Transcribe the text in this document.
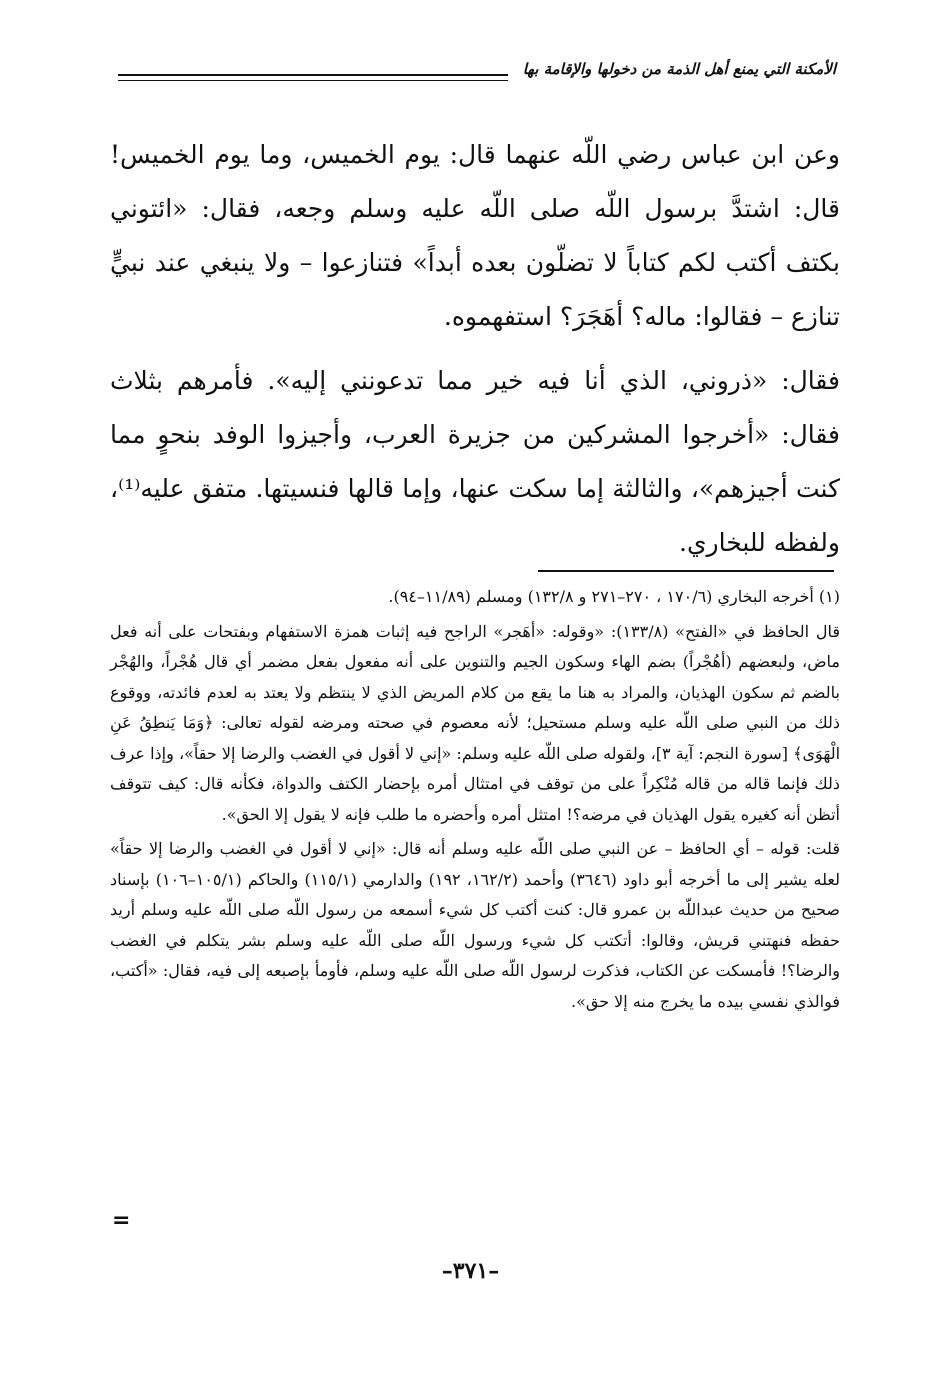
الأمكنة التي يمنع أهل الذمة من دخولها والإقامة بها

وعن ابن عباس رضي اللّه عنهما قال: يوم الخميس، وما يوم الخميس! قال: اشتدَّ برسول اللّه صلى اللّه عليه وسلم وجعه، فقال: «ائتوني بكتف أكتب لكم كتاباً لا تضلّون بعده أبداً» فتنازعوا – ولا ينبغي عند نبيٍّ تنازع – فقالوا: ماله؟ أهَجَرَ؟ استفهموه.

فقال: «ذروني، الذي أنا فيه خير مما تدعونني إليه». فأمرهم بثلاث فقال: «أخرجوا المشركين من جزيرة العرب، وأجيزوا الوفد بنحوٍ مما كنت أجيزهم»، والثالثة إما سكت عنها، وإما قالها فنسيتها. متفق عليه⁽¹⁾، ولفظه للبخاري.

(١) أخرجه البخاري (١٧٠/٦ ، ٢٧٠–٢٧١ و ١٣٢/٨) ومسلم (١١/٨٩–٩٤).

قال الحافظ في «الفتح» (١٣٣/٨): «وقوله: «أهَجر» الراجح فيه إثبات همزة الاستفهام وبفتحات على أنه فعل ماض، ولبعضهم (أهُجْراً) بضم الهاء وسكون الجيم والتنوين على أنه مفعول بفعل مضمر أي قال هُجْراً، والهُجْر بالضم ثم سكون الهذيان، والمراد به هنا ما يقع من كلام المريض الذي لا ينتظم ولا يعتد به لعدم فائدته، ووقوع ذلك من النبي صلى اللّه عليه وسلم مستحيل؛ لأنه معصوم في صحته ومرضه لقوله تعالى: ﴿وَمَا يَنطِقُ عَنِ الْهَوَى﴾ [سورة النجم: آية ٣]، ولقوله صلى اللّه عليه وسلم: «إني لا أقول في الغضب والرضا إلا حقاً»، وإذا عرف ذلك فإنما قاله من قاله مُنْكِراً على من توقف في امتثال أمره بإحضار الكتف والدواة، فكأنه قال: كيف تتوقف أتظن أنه كغيره يقول الهذيان في مرضه؟! امتثل أمره وأحضره ما طلب فإنه لا يقول إلا الحق».

قلت: قوله – أي الحافظ – عن النبي صلى اللّه عليه وسلم أنه قال: «إني لا أقول في الغضب والرضا إلا حقاً» لعله يشير إلى ما أخرجه أبو داود (٣٦٤٦) وأحمد (١٦٢/٢، ١٩٢) والدارمي (١١٥/١) والحاكم (١٠٥/١–١٠٦) بإسناد صحيح من حديث عبداللّه بن عمرو قال: كنت أكتب كل شيء أسمعه من رسول اللّه صلى اللّه عليه وسلم أريد حفظه فنهتني قريش، وقالوا: أتكتب كل شيء ورسول اللّه صلى اللّه عليه وسلم بشر يتكلم في الغضب والرضا؟! فأمسكت عن الكتاب، فذكرت لرسول اللّه صلى اللّه عليه وسلم، فأومأ بإصبعه إلى فيه، فقال: «أكتب، فوالذي نفسي بيده ما يخرج منه إلا حق».

=
–٣٧١–
